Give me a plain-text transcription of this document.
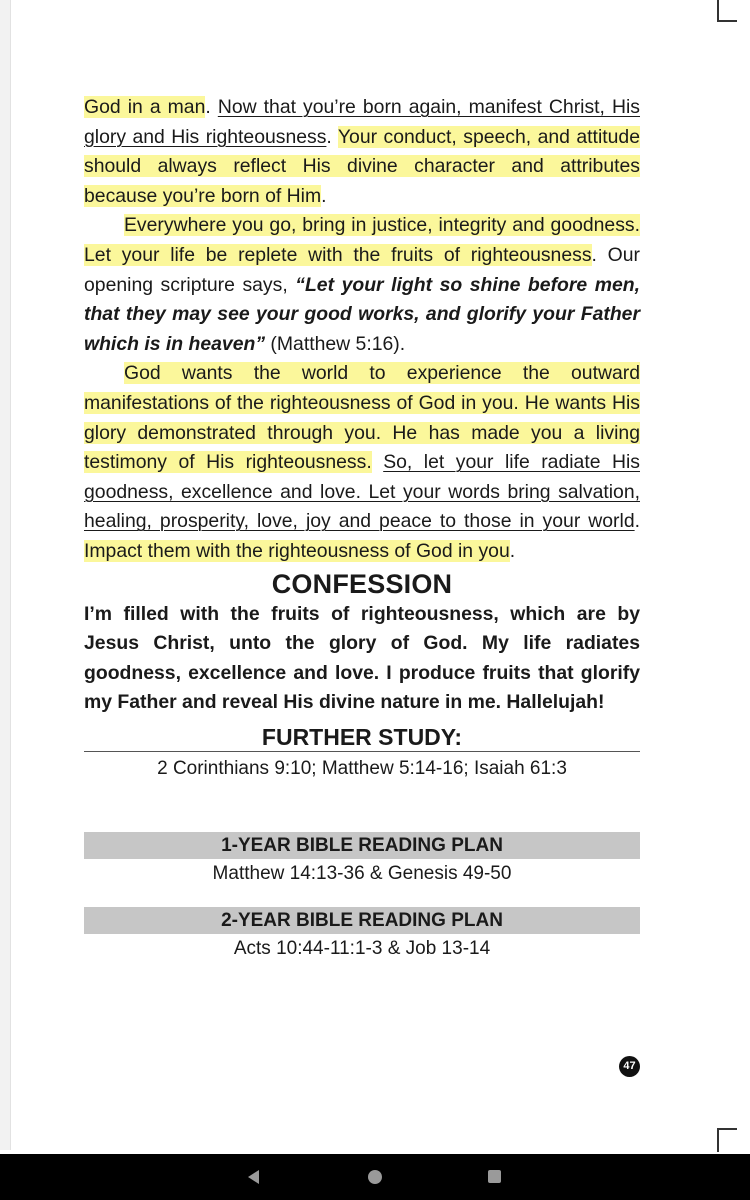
God in a man. Now that you’re born again, manifest Christ, His glory and His righteousness. Your conduct, speech, and attitude should always reflect His divine character and attributes because you’re born of Him.

Everywhere you go, bring in justice, integrity and goodness. Let your life be replete with the fruits of righteousness. Our opening scripture says, “Let your light so shine before men, that they may see your good works, and glorify your Father which is in heaven” (Matthew 5:16).

God wants the world to experience the outward manifestations of the righteousness of God in you. He wants His glory demonstrated through you. He has made you a living testimony of His righteousness. So, let your life radiate His goodness, excellence and love. Let your words bring salvation, healing, prosperity, love, joy and peace to those in your world. Impact them with the righteousness of God in you.

CONFESSION

I’m filled with the fruits of righteousness, which are by Jesus Christ, unto the glory of God. My life radiates goodness, excellence and love. I produce fruits that glorify my Father and reveal His divine nature in me. Hallelujah!

FURTHER STUDY:
2 Corinthians 9:10; Matthew 5:14-16; Isaiah 61:3
1-YEAR BIBLE READING PLAN
Matthew 14:13-36 & Genesis 49-50
2-YEAR BIBLE READING PLAN
Acts 10:44-11:1-3 & Job 13-14
47
